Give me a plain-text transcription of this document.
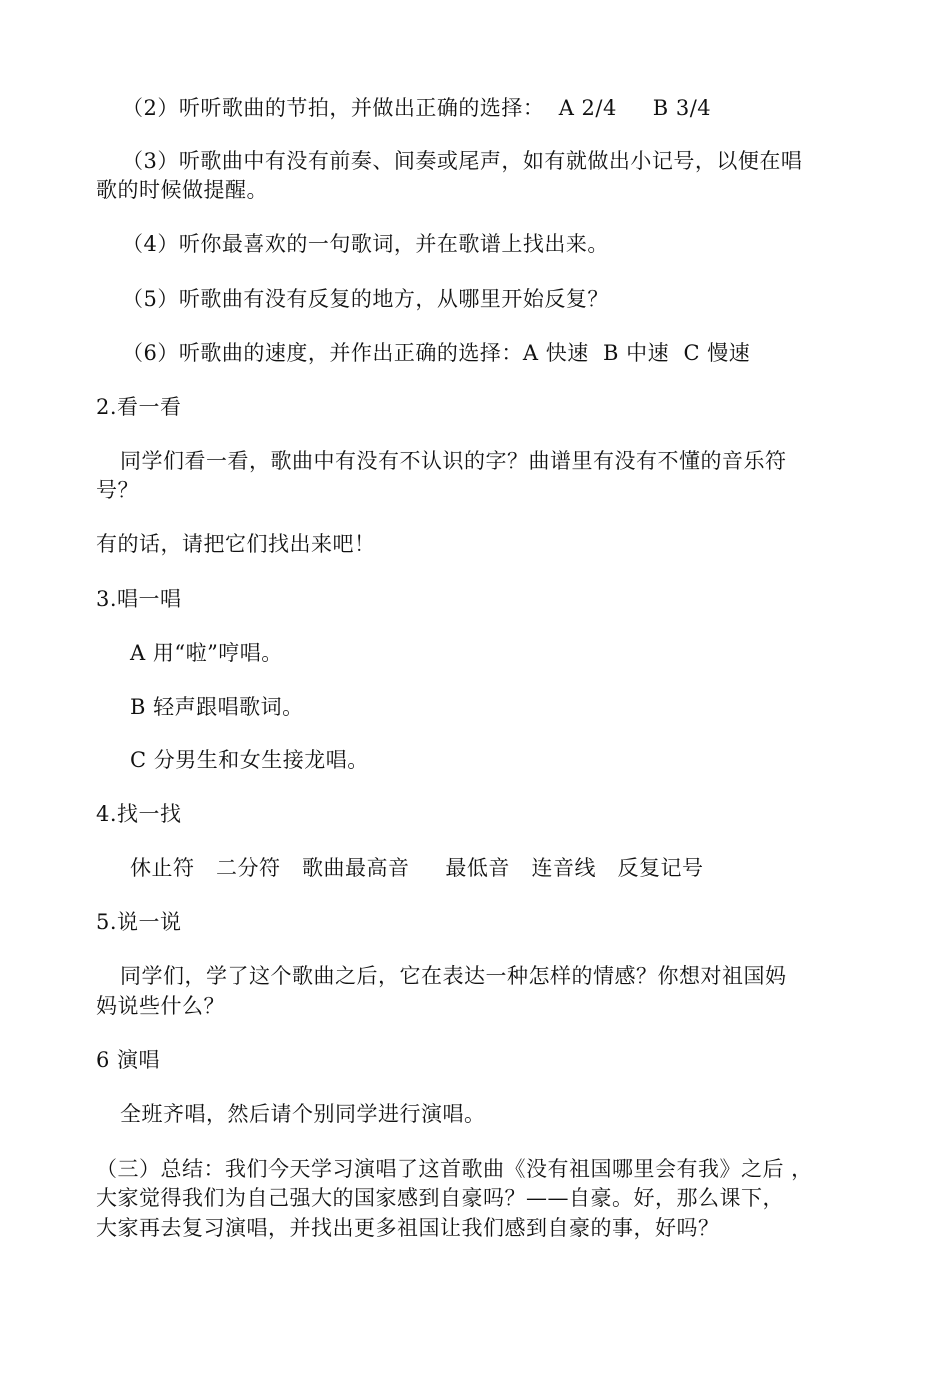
（2）听听歌曲的节拍，并做出正确的选择：  A 2/4     B 3/4
（3）听歌曲中有没有前奏、间奏或尾声，如有就做出小记号，以便在唱
歌的时候做提醒。
（4）听你最喜欢的一句歌词，并在歌谱上找出来。
（5）听歌曲有没有反复的地方，从哪里开始反复？
（6）听歌曲的速度，并作出正确的选择：A 快速  B 中速  C 慢速
2.看一看
同学们看一看，歌曲中有没有不认识的字？曲谱里有没有不懂的音乐符
号？
有的话，请把它们找出来吧！
3.唱一唱
A 用“啦”哼唱。
B 轻声跟唱歌词。
C 分男生和女生接龙唱。
4.找一找
休止符   二分符   歌曲最高音     最低音   连音线   反复记号
5.说一说
同学们，学了这个歌曲之后，它在表达一种怎样的情感？你想对祖国妈
妈说些什么？
6 演唱
全班齐唱，然后请个别同学进行演唱。
（三）总结：我们今天学习演唱了这首歌曲《没有祖国哪里会有我》之后 ，
大家觉得我们为自己强大的国家感到自豪吗？——自豪。好，那么课下，
大家再去复习演唱，并找出更多祖国让我们感到自豪的事，好吗？
